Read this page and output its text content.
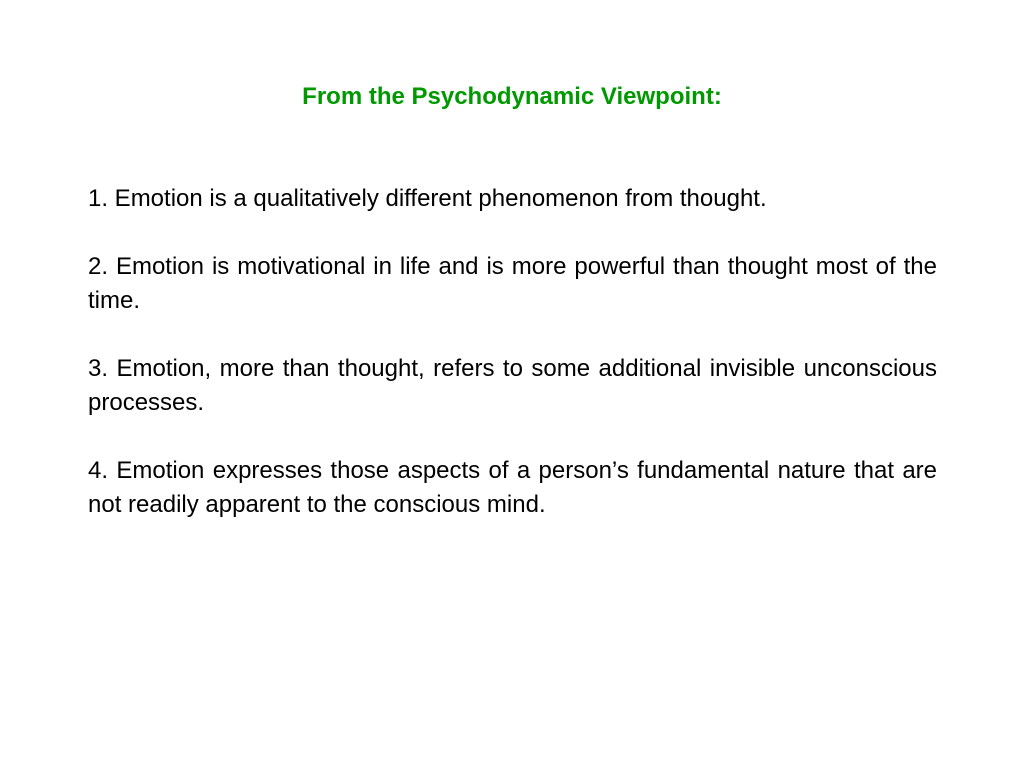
From the Psychodynamic Viewpoint:
1. Emotion is a qualitatively different phenomenon from thought.
2. Emotion is motivational in life and is more powerful than thought most of the time.
3. Emotion, more than thought, refers to some additional invisible unconscious processes.
4. Emotion expresses those aspects of a person’s fundamental nature that are not readily apparent to the conscious mind.
